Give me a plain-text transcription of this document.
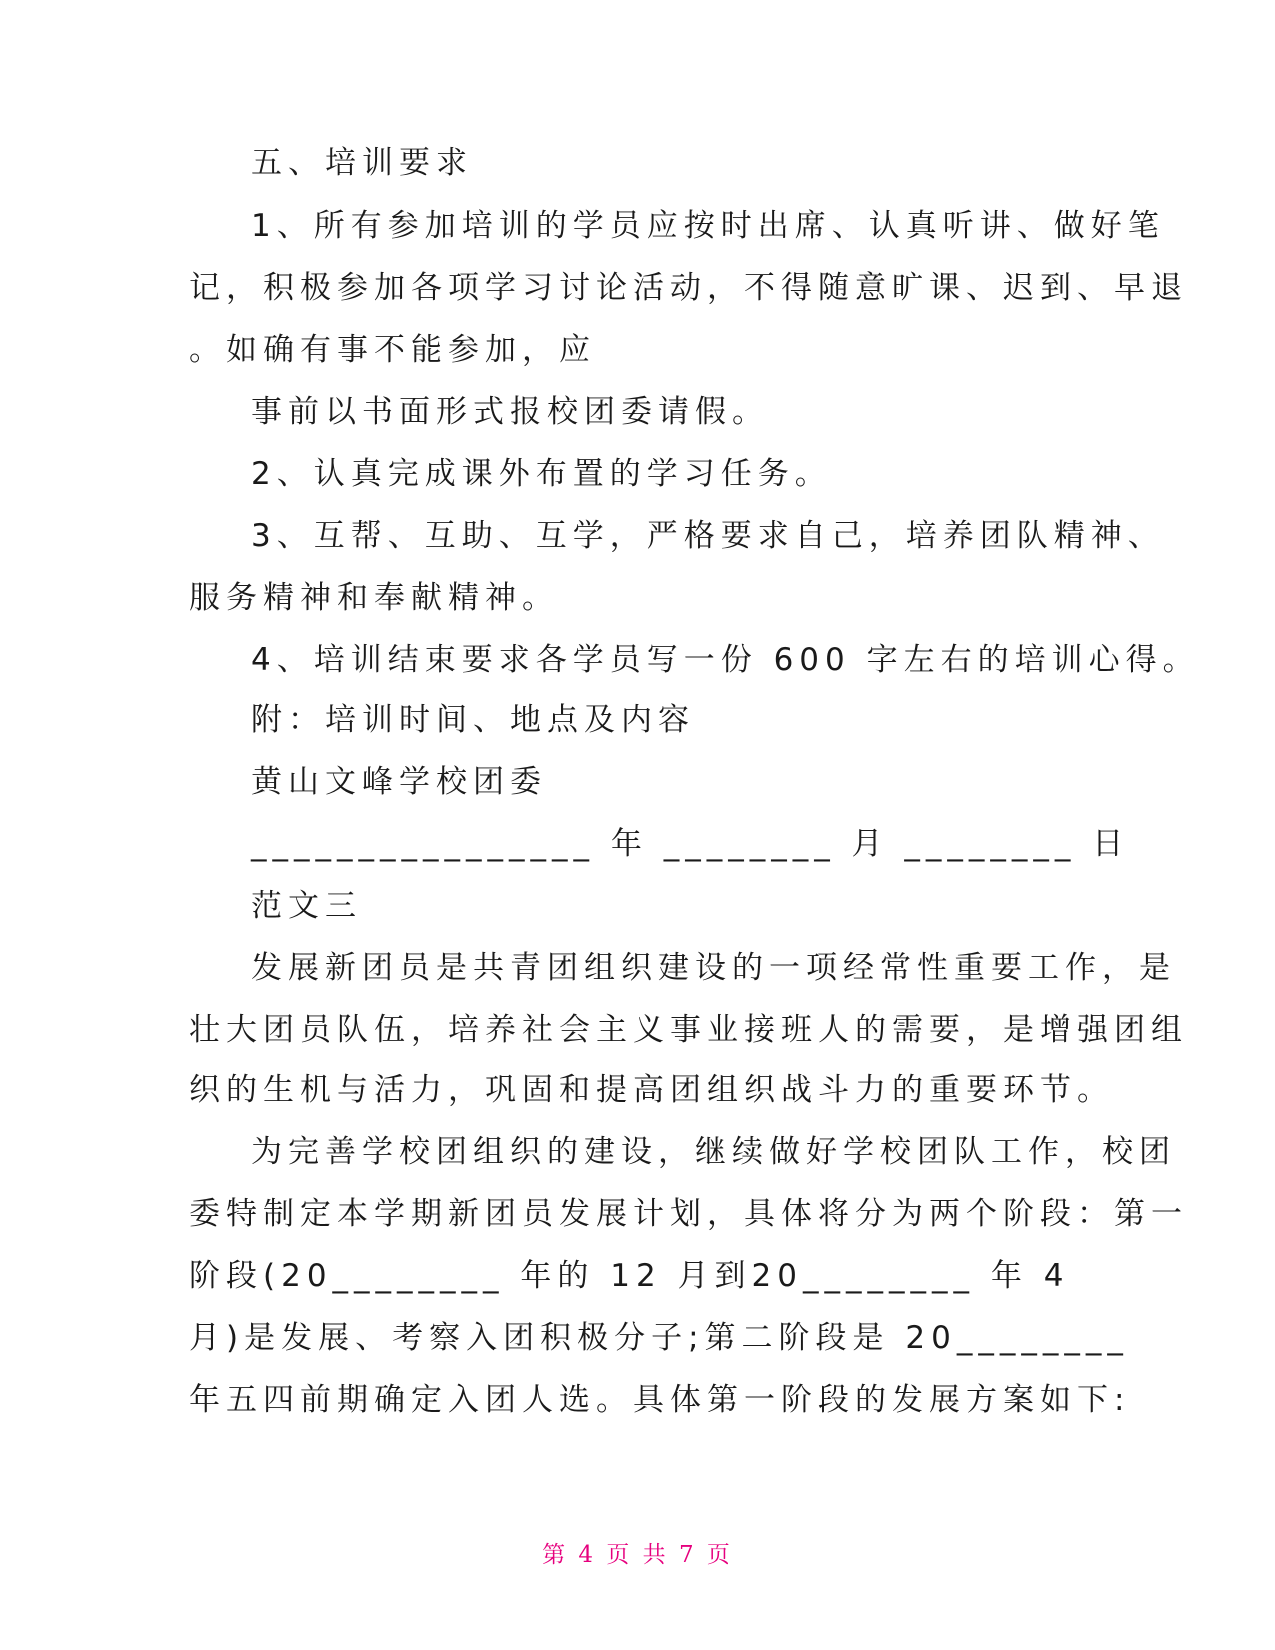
五、培训要求
1、所有参加培训的学员应按时出席、认真听讲、做好笔
记，积极参加各项学习讨论活动，不得随意旷课、迟到、早退
。如确有事不能参加，应
事前以书面形式报校团委请假。
2、认真完成课外布置的学习任务。
3、互帮、互助、互学，严格要求自己，培养团队精神、
服务精神和奉献精神。
4、培训结束要求各学员写一份 600 字左右的培训心得。
附：培训时间、地点及内容
黄山文峰学校团委
________________ 年 ________ 月 ________ 日
范文三
发展新团员是共青团组织建设的一项经常性重要工作，是
壮大团员队伍，培养社会主义事业接班人的需要，是增强团组
织的生机与活力，巩固和提高团组织战斗力的重要环节。
为完善学校团组织的建设，继续做好学校团队工作，校团
委特制定本学期新团员发展计划，具体将分为两个阶段：第一
阶段(20________ 年的 12 月到20________ 年 4
月)是发展、考察入团积极分子;第二阶段是 20________
年五四前期确定入团人选。具体第一阶段的发展方案如下:
第 4 页 共 7 页
